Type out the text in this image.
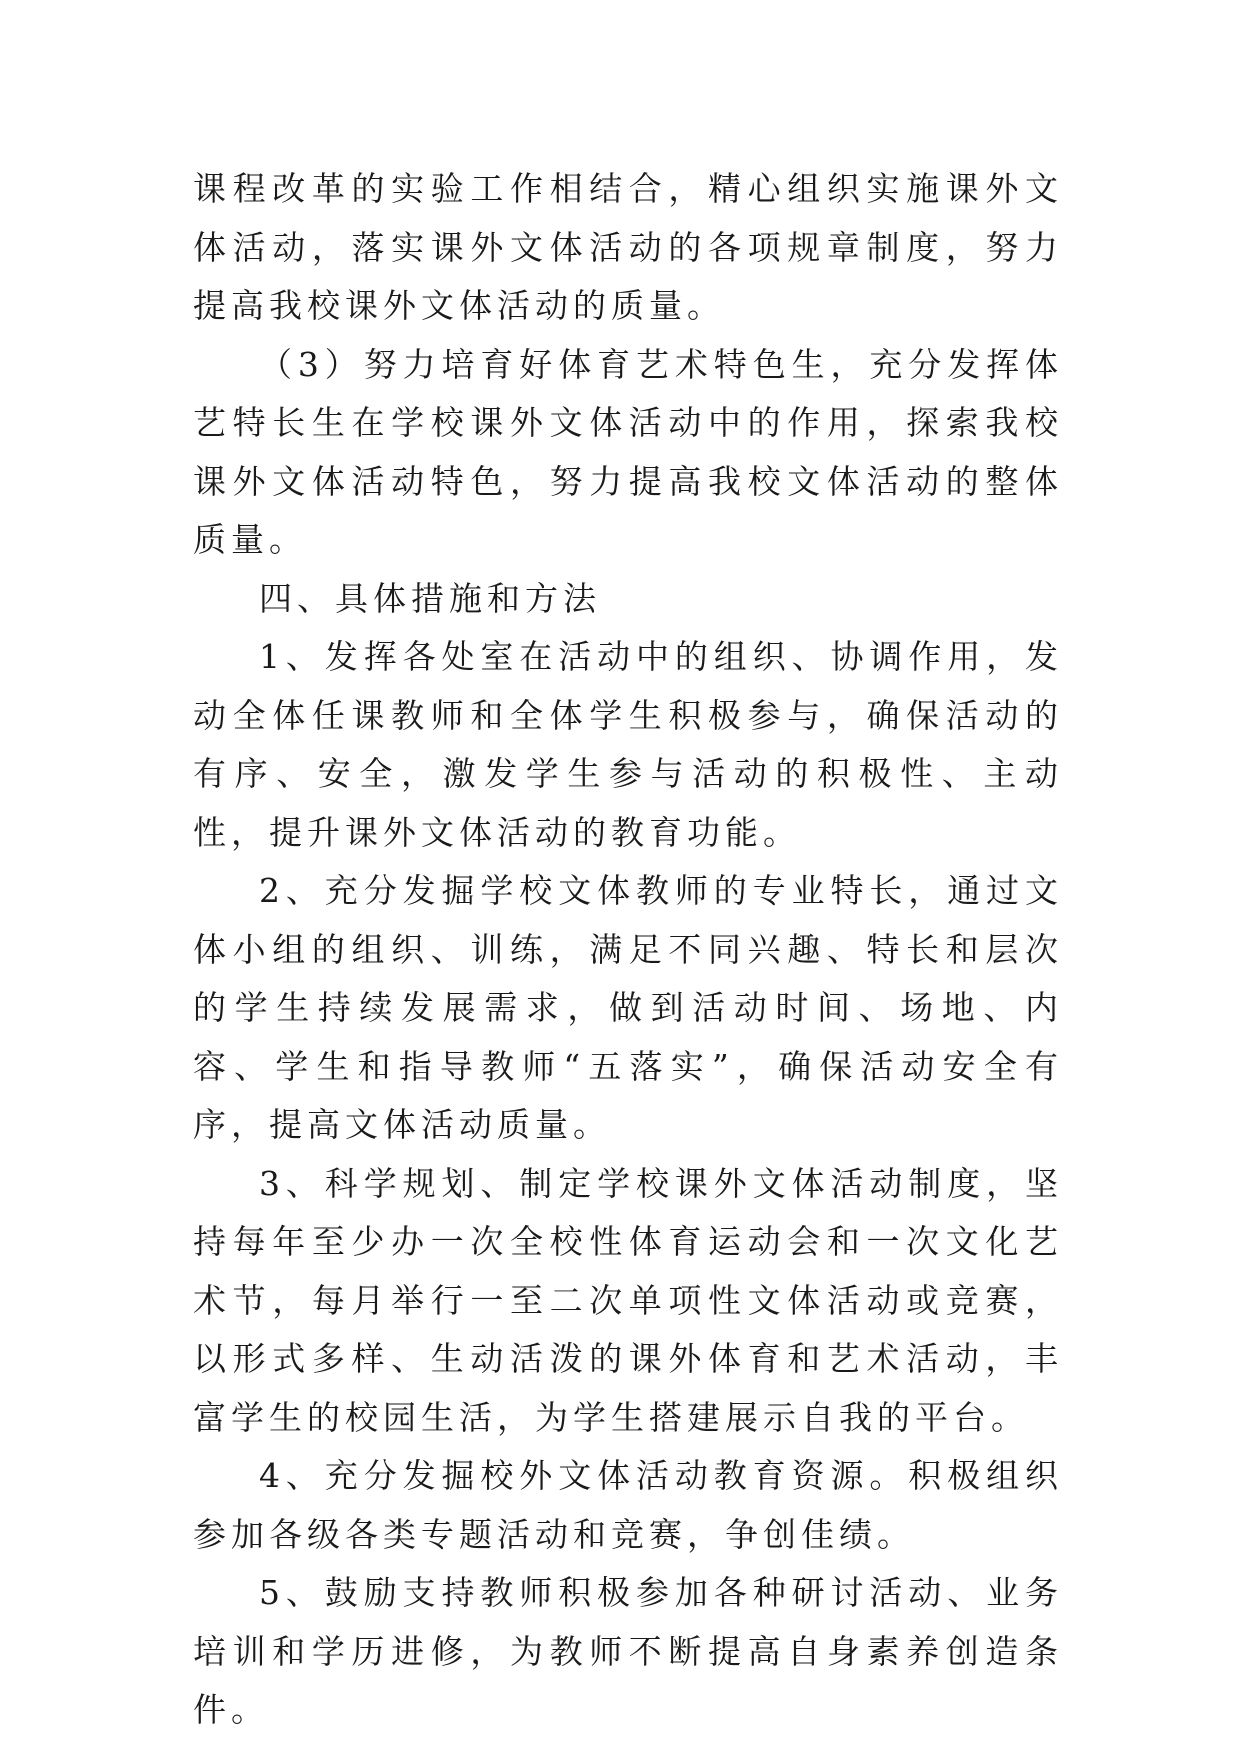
课程改革的实验工作相结合，精心组织实施课外文体活动，落实课外文体活动的各项规章制度，努力提高我校课外文体活动的质量。

（3）努力培育好体育艺术特色生，充分发挥体艺特长生在学校课外文体活动中的作用，探索我校课外文体活动特色，努力提高我校文体活动的整体质量。

四、具体措施和方法

1、发挥各处室在活动中的组织、协调作用，发动全体任课教师和全体学生积极参与，确保活动的有序、安全，激发学生参与活动的积极性、主动性，提升课外文体活动的教育功能。

2、充分发掘学校文体教师的专业特长，通过文体小组的组织、训练，满足不同兴趣、特长和层次的学生持续发展需求，做到活动时间、场地、内容、学生和指导教师“五落实”，确保活动安全有序，提高文体活动质量。

3、科学规划、制定学校课外文体活动制度，坚持每年至少办一次全校性体育运动会和一次文化艺术节，每月举行一至二次单项性文体活动或竞赛，以形式多样、生动活泼的课外体育和艺术活动，丰富学生的校园生活，为学生搭建展示自我的平台。

4、充分发掘校外文体活动教育资源。积极组织参加各级各类专题活动和竞赛，争创佳绩。

5、鼓励支持教师积极参加各种研讨活动、业务培训和学历进修，为教师不断提高自身素养创造条件。
